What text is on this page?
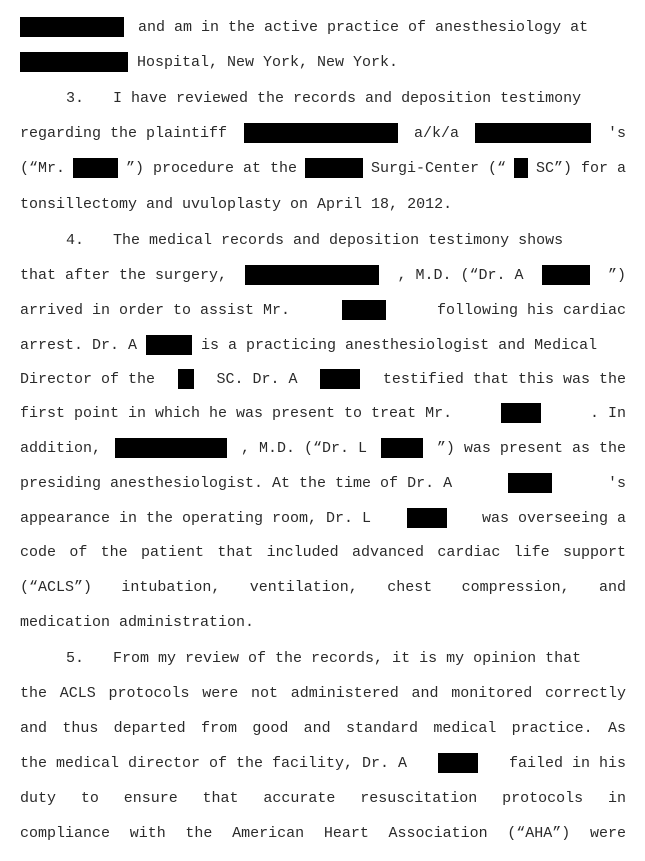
and am in the active practice of anesthesiology at
Hospital, New York, New York.
3. I have reviewed the records and deposition testimony
regarding the plaintiff	a/k/a	's
(“Mr.	”) procedure at the	Surgi-Center (“ SC”) for a
tonsillectomy and uvuloplasty on April 18, 2012.
4. The medical records and deposition testimony shows
that after the surgery,	, M.D. (“Dr. A	”)
arrived in order to assist Mr.	following his cardiac
arrest. Dr. A	is a practicing anesthesiologist and Medical
Director of the	SC. Dr. A	testified that this was the
first point in which he was present to treat Mr.	. In
addition,	, M.D. (“Dr. L	”) was present as the
presiding anesthesiologist. At the time of Dr. A	's
appearance in the operating room, Dr. L	was overseeing a
code of the patient that included advanced cardiac life support
(“ACLS”) intubation, ventilation, chest compression, and
medication administration.
5. From my review of the records, it is my opinion that
the ACLS protocols were not administered and monitored correctly
and thus departed from good and standard medical practice. As
the medical director of the facility, Dr. A	failed in his
duty to ensure that accurate resuscitation protocols in
compliance with the American Heart Association (“AHA”) were
